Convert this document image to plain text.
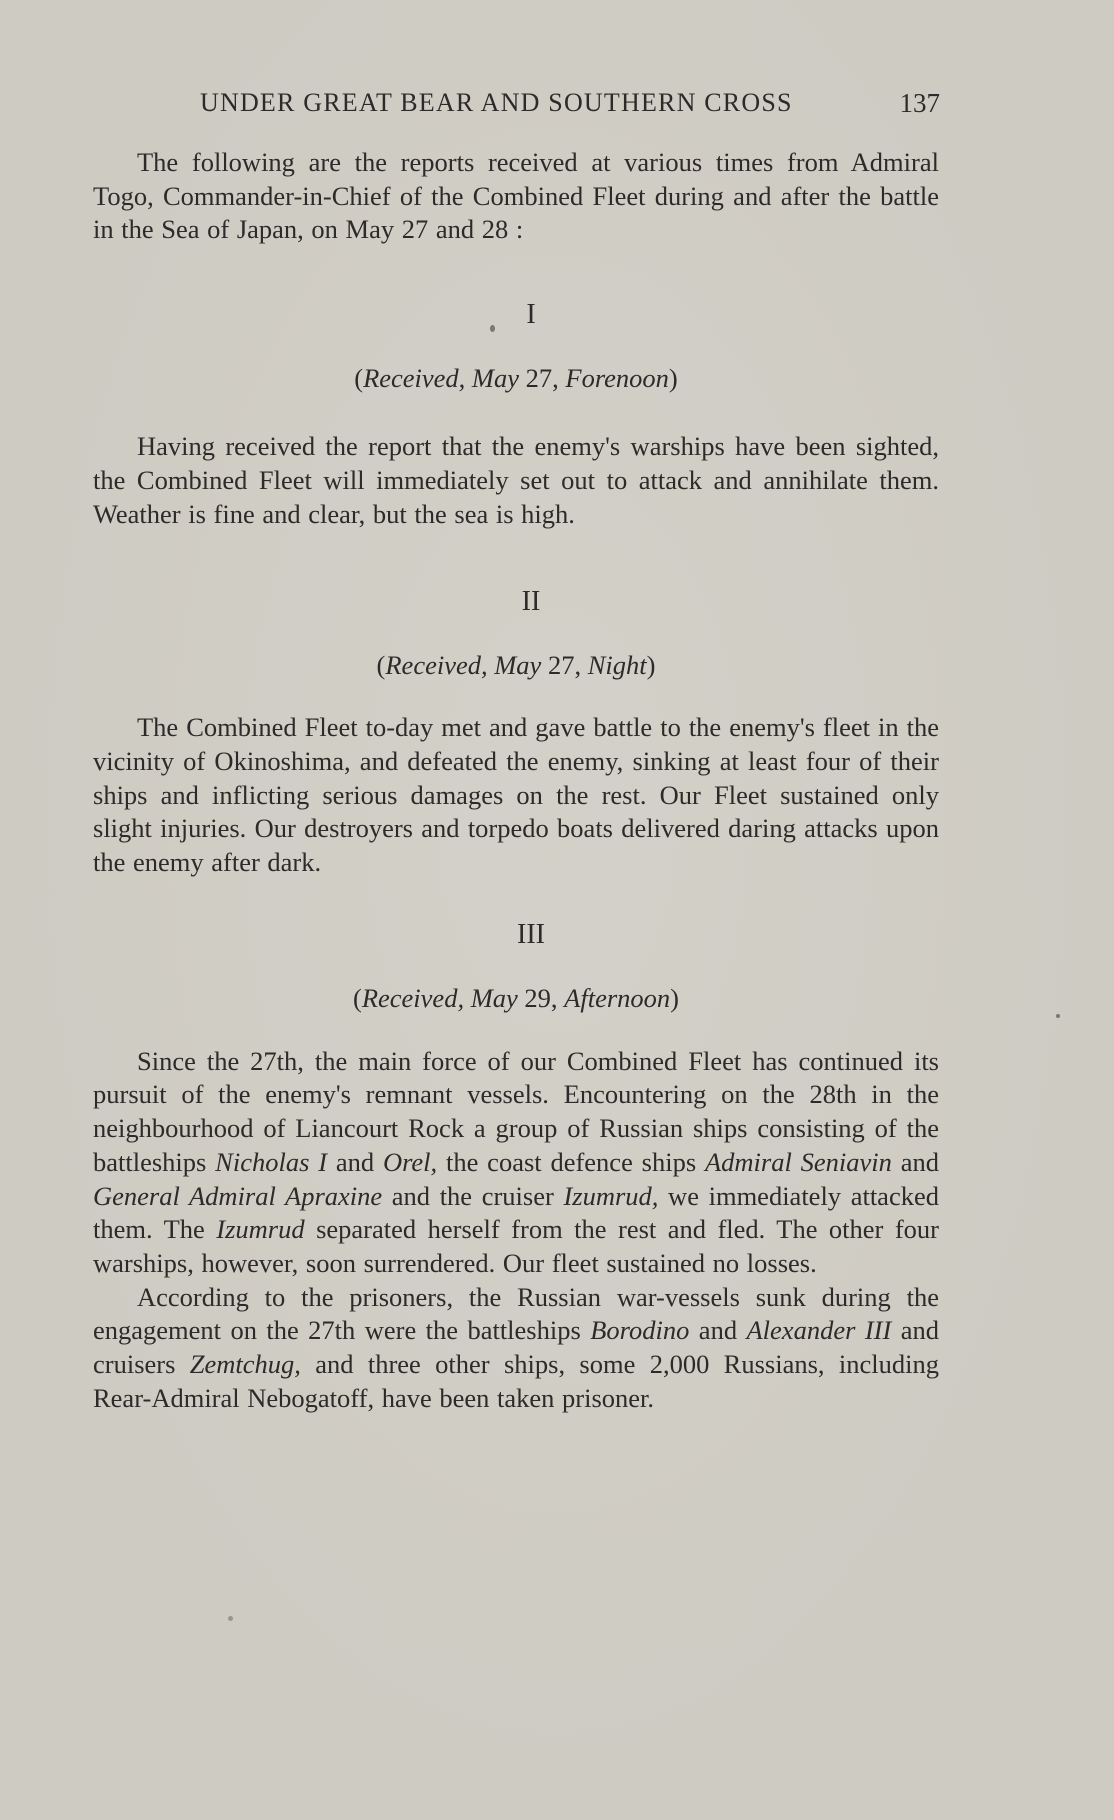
UNDER GREAT BEAR AND SOUTHERN CROSS	137

The following are the reports received at various times from Admiral Togo, Commander-in-Chief of the Combined Fleet during and after the battle in the Sea of Japan, on May 27 and 28 :

I
(Received, May 27, Forenoon)

Having received the report that the enemy's warships have been sighted, the Combined Fleet will immediately set out to attack and annihilate them. Weather is fine and clear, but the sea is high.

II
(Received, May 27, Night)

The Combined Fleet to-day met and gave battle to the enemy's fleet in the vicinity of Okinoshima, and defeated the enemy, sinking at least four of their ships and inflicting serious damages on the rest. Our Fleet sustained only slight injuries. Our destroyers and torpedo boats delivered daring attacks upon the enemy after dark.

III
(Received, May 29, Afternoon)

Since the 27th, the main force of our Combined Fleet has continued its pursuit of the enemy's remnant vessels. Encountering on the 28th in the neighbourhood of Liancourt Rock a group of Russian ships consisting of the battleships Nicholas I and Orel, the coast defence ships Admiral Seniavin and General Admiral Apraxine and the cruiser Izumrud, we immediately attacked them. The Izumrud separated herself from the rest and fled. The other four warships, however, soon surrendered. Our fleet sustained no losses.

According to the prisoners, the Russian war-vessels sunk during the engagement on the 27th were the battleships Borodino and Alexander III and cruisers Zemtchug, and three other ships, some 2,000 Russians, including Rear-Admiral Nebogatoff, have been taken prisoner.
